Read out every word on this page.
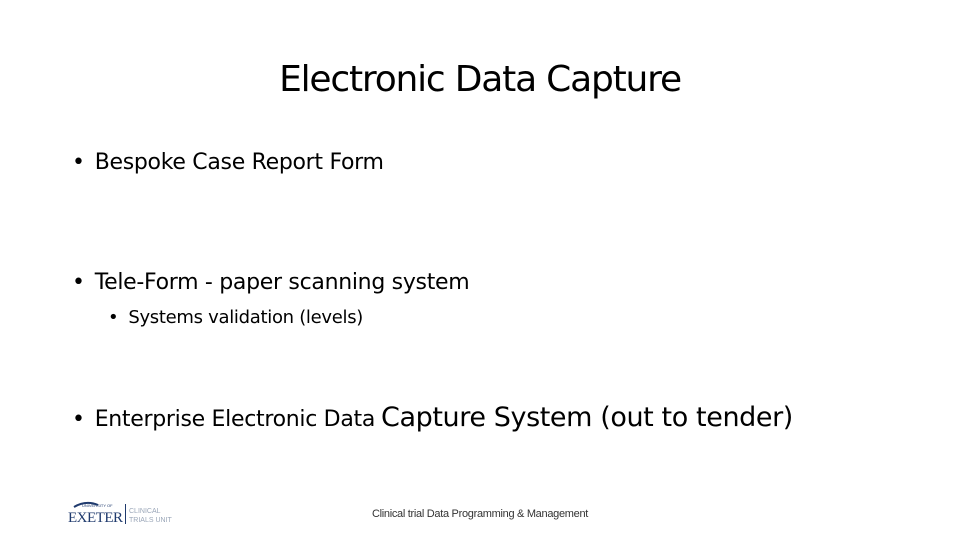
Electronic Data Capture
• Bespoke Case Report Form
• Tele-Form - paper scanning system
• Systems validation (levels)
• Enterprise Electronic Data Capture System (out to tender)
UNIVERSITY OF
EXETER CLINICAL
TRIALS UNIT
Clinical trial Data Programming & Management
